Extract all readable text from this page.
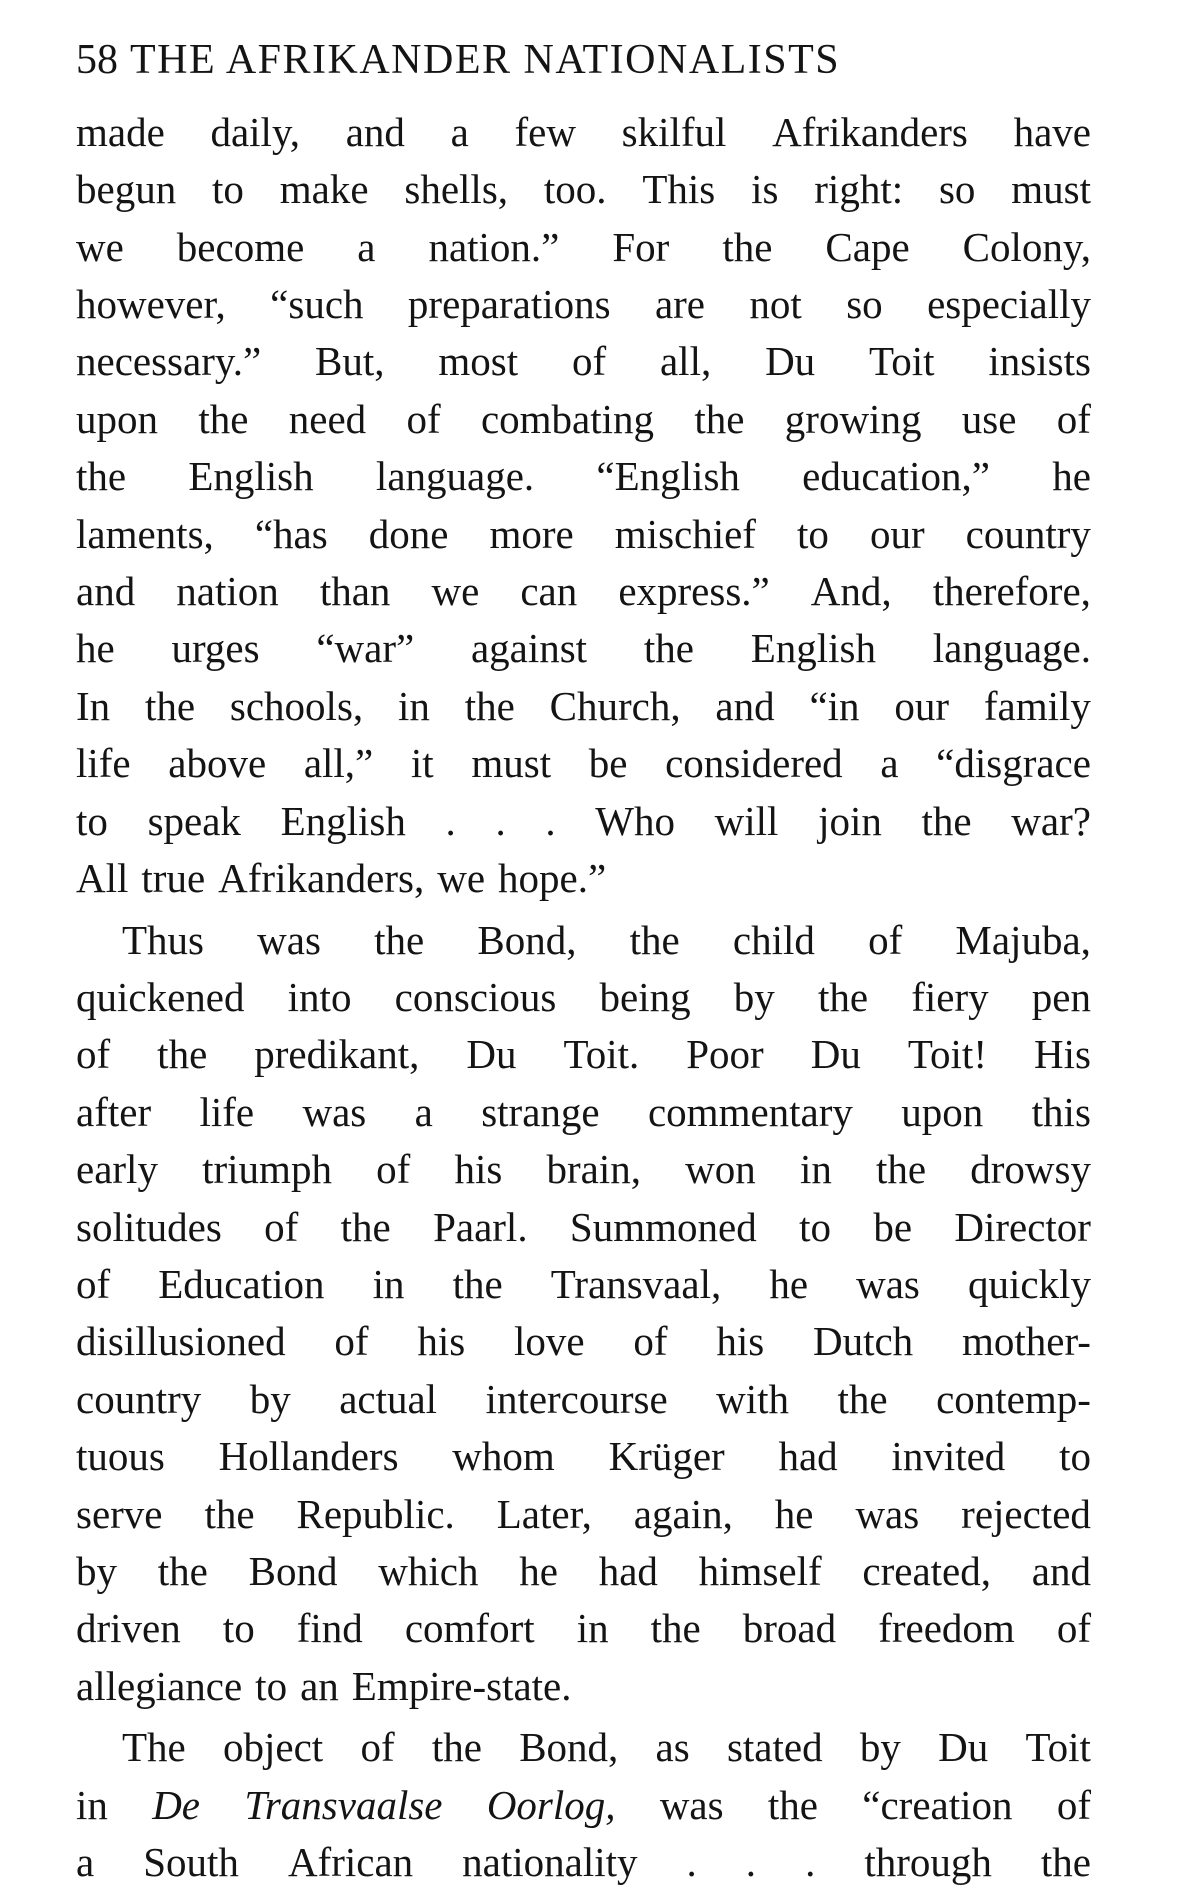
58 THE AFRIKANDER NATIONALISTS
made daily, and a few skilful Afrikanders have
begun to make shells, too. This is right: so must
we become a nation.” For the Cape Colony,
however, “such preparations are not so especially
necessary.” But, most of all, Du Toit insists
upon the need of combating the growing use of
the English language. “English education,” he
laments, “has done more mischief to our country
and nation than we can express.” And, therefore,
he urges “war” against the English language.
In the schools, in the Church, and “in our family
life above all,” it must be considered a “disgrace
to speak English . . . Who will join the war?
All true Afrikanders, we hope.”
Thus was the Bond, the child of Majuba,
quickened into conscious being by the fiery pen
of the predikant, Du Toit. Poor Du Toit! His
after life was a strange commentary upon this
early triumph of his brain, won in the drowsy
solitudes of the Paarl. Summoned to be Director
of Education in the Transvaal, he was quickly
disillusioned of his love of his Dutch mother-
country by actual intercourse with the contemp-
tuous Hollanders whom Krüger had invited to
serve the Republic. Later, again, he was rejected
by the Bond which he had himself created, and
driven to find comfort in the broad freedom of
allegiance to an Empire-state.
The object of the Bond, as stated by Du Toit
in De Transvaalse Oorlog, was the “creation of
a South African nationality . . . through the
